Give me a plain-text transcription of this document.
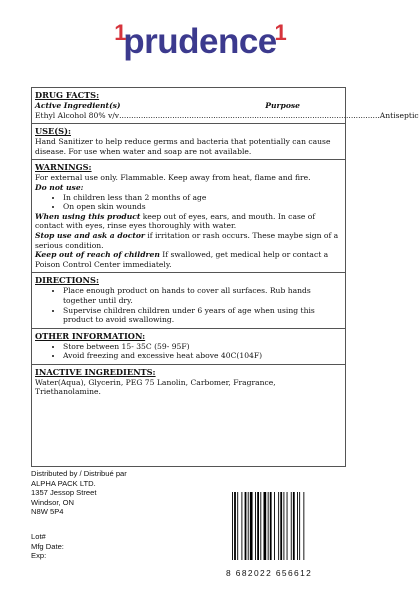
1
prudence
1
DRUG FACTS:
Active Ingredient(s)	Purpose
Ethyl Alcohol 80% v/v ............................................................................................................ Antiseptic
USE(S):

Hand Sanitizer to help reduce germs and bacteria that potentially can cause disease. For use when water and soap are not available.

WARNINGS:

For external use only. Flammable. Keep away from heat, flame and fire.

Do not use:

• In children less than 2 months of age
• On open skin wounds

When using this product keep out of eyes, ears, and mouth. In case of contact with eyes, rinse eyes thoroughly with water.

Stop use and ask a doctor if irritation or rash occurs. These maybe sign of a serious condition.

Keep out of reach of children If swallowed, get medical help or contact a Poison Control Center immediately.

DIRECTIONS:
• Place enough product on hands to cover all surfaces. Rub hands together until dry.
• Supervise children children under 6 years of age when using this product to avoid swallowing.
OTHER INFORMATION:
• Store between 15- 35C (59- 95F)
• Avoid freezing and excessive heat above 40C(104F)
INACTIVE INGREDIENTS:

Water(Aqua), Glycerin, PEG 75 Lanolin, Carbomer, Fragrance, Triethanolamine.

Distributed by / Distribué par
ALPHA PACK LTD.
1357 Jessop Street
Windsor, ON
N8W 5P4
Lot#
Mfg Date:
Exp:
8 682022 656612
